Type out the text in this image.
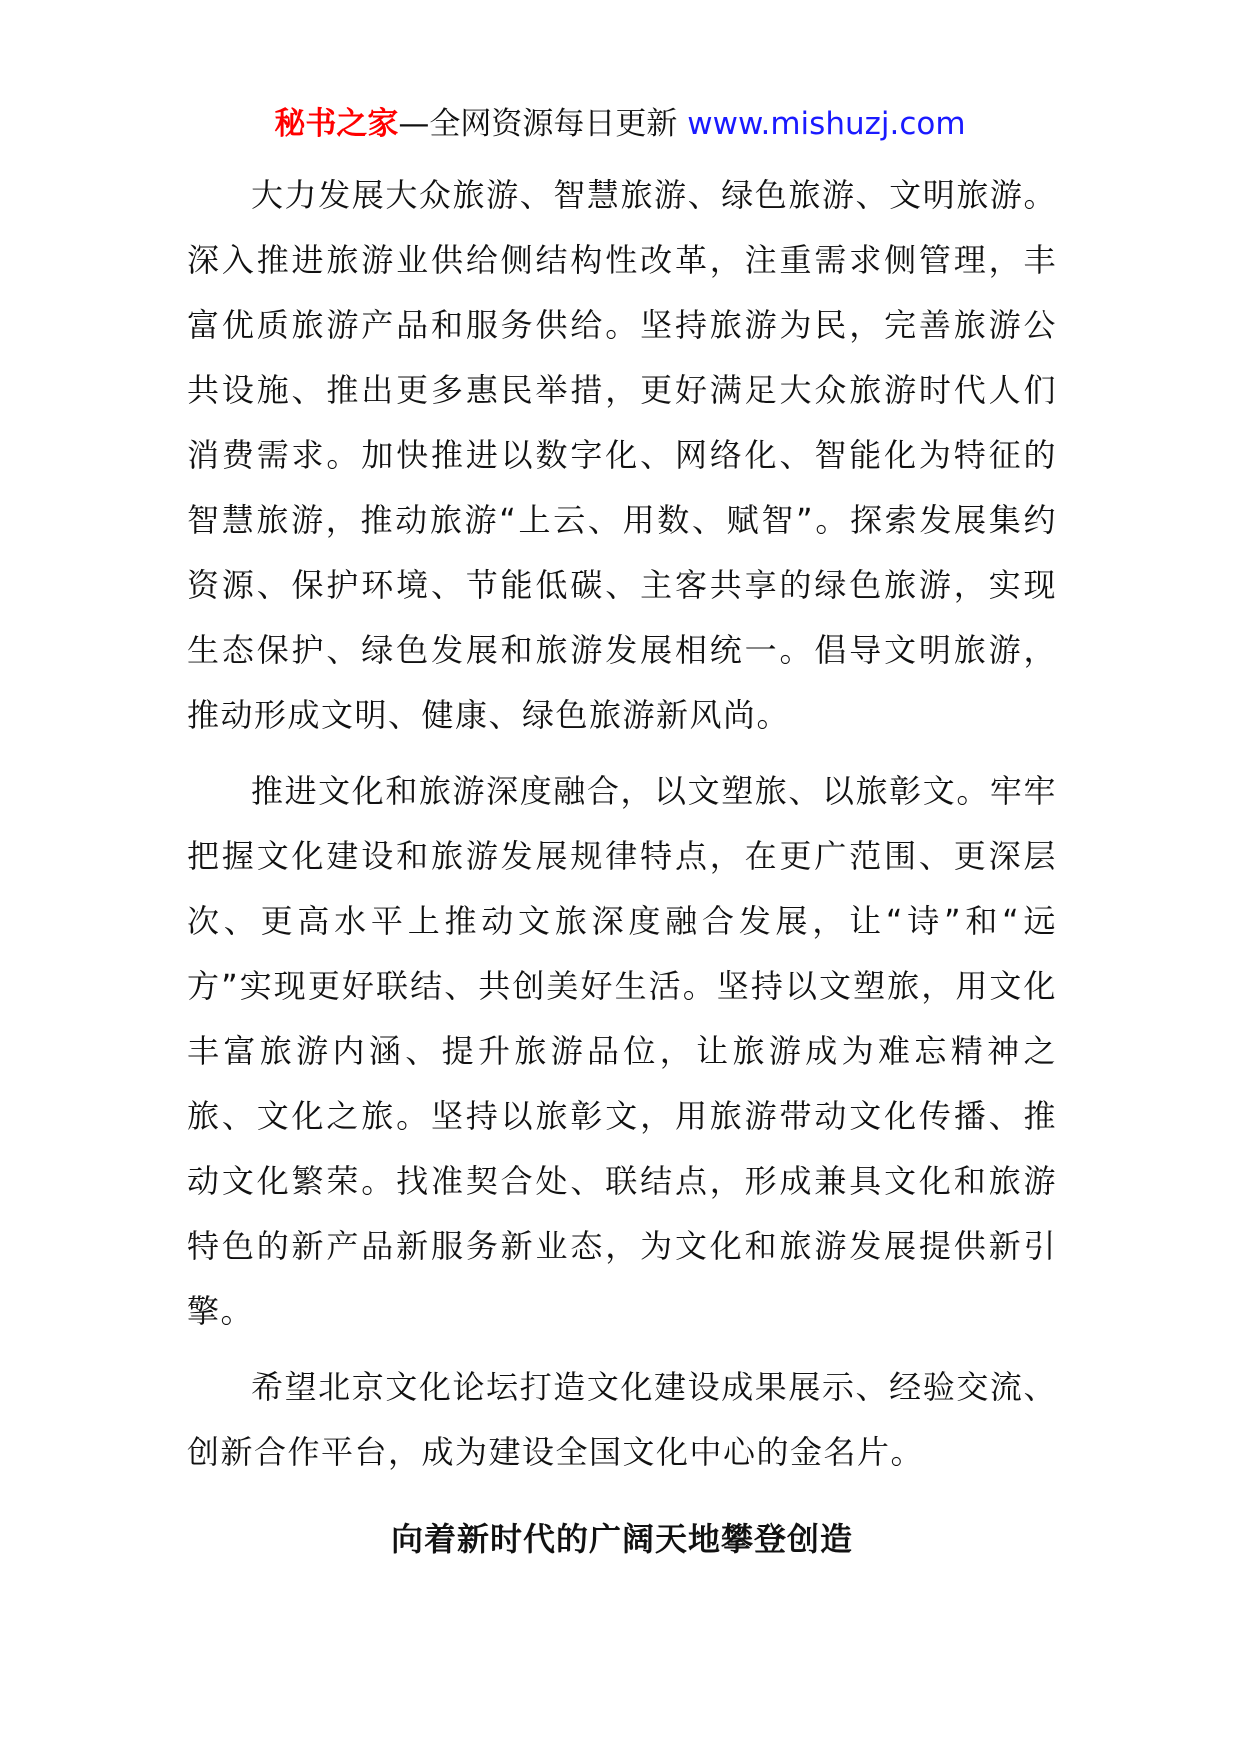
秘书之家—全网资源每日更新 www.mishuzj.com

大力发展大众旅游、智慧旅游、绿色旅游、文明旅游。深入推进旅游业供给侧结构性改革，注重需求侧管理，丰富优质旅游产品和服务供给。坚持旅游为民，完善旅游公共设施、推出更多惠民举措，更好满足大众旅游时代人们消费需求。加快推进以数字化、网络化、智能化为特征的智慧旅游，推动旅游“上云、用数、赋智”。探索发展集约资源、保护环境、节能低碳、主客共享的绿色旅游，实现生态保护、绿色发展和旅游发展相统一。倡导文明旅游，推动形成文明、健康、绿色旅游新风尚。

推进文化和旅游深度融合，以文塑旅、以旅彰文。牢牢把握文化建设和旅游发展规律特点，在更广范围、更深层次、更高水平上推动文旅深度融合发展，让“诗”和“远方”实现更好联结、共创美好生活。坚持以文塑旅，用文化丰富旅游内涵、提升旅游品位，让旅游成为难忘精神之旅、文化之旅。坚持以旅彰文，用旅游带动文化传播、推动文化繁荣。找准契合处、联结点，形成兼具文化和旅游特色的新产品新服务新业态，为文化和旅游发展提供新引擎。

希望北京文化论坛打造文化建设成果展示、经验交流、创新合作平台，成为建设全国文化中心的金名片。

向着新时代的广阔天地攀登创造
